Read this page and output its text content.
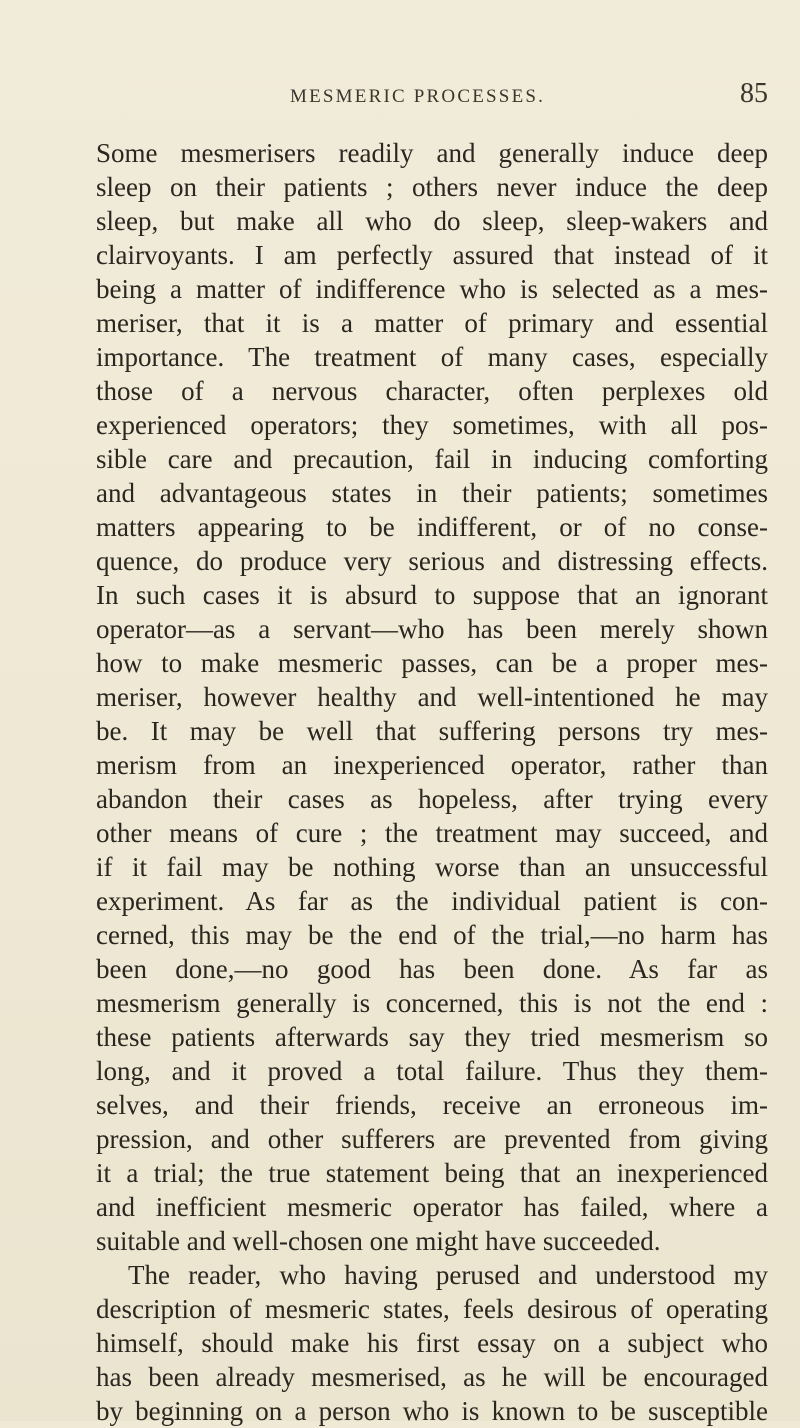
MESMERIC PROCESSES.	85
Some mesmerisers readily and generally induce deep
sleep on their patients ; others never induce the deep
sleep, but make all who do sleep, sleep-wakers and
clairvoyants. I am perfectly assured that instead of it
being a matter of indifference who is selected as a mes-
meriser, that it is a matter of primary and essential
importance. The treatment of many cases, especially
those of a nervous character, often perplexes old
experienced operators; they sometimes, with all pos-
sible care and precaution, fail in inducing comforting
and advantageous states in their patients; sometimes
matters appearing to be indifferent, or of no conse-
quence, do produce very serious and distressing effects.
In such cases it is absurd to suppose that an ignorant
operator—as a servant—who has been merely shown
how to make mesmeric passes, can be a proper mes-
meriser, however healthy and well-intentioned he may
be. It may be well that suffering persons try mes-
merism from an inexperienced operator, rather than
abandon their cases as hopeless, after trying every
other means of cure ; the treatment may succeed, and
if it fail may be nothing worse than an unsuccessful
experiment. As far as the individual patient is con-
cerned, this may be the end of the trial,—no harm has
been done,—no good has been done. As far as
mesmerism generally is concerned, this is not the end :
these patients afterwards say they tried mesmerism so
long, and it proved a total failure. Thus they them-
selves, and their friends, receive an erroneous im-
pression, and other sufferers are prevented from giving
it a trial; the true statement being that an inexperienced
and inefficient mesmeric operator has failed, where a
suitable and well-chosen one might have succeeded.
The reader, who having perused and understood my
description of mesmeric states, feels desirous of operating
himself, should make his first essay on a subject who
has been already mesmerised, as he will be encouraged
by beginning on a person who is known to be susceptible
